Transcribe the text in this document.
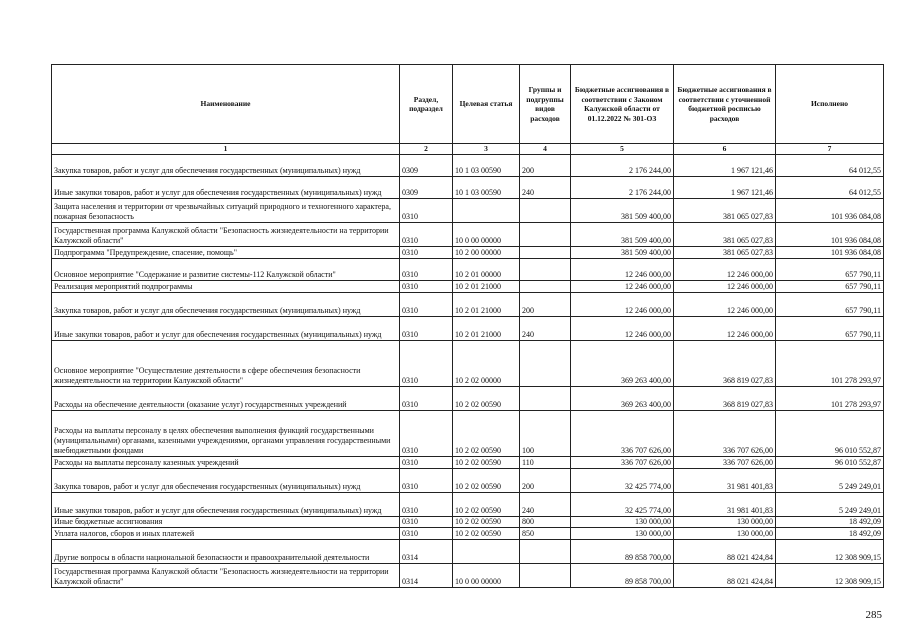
Наименование	Раздел, подраздел	Целевая статья	Группы и подгруппы видов расходов	Бюджетные ассигнования в соответствии с Законом Калужской области от 01.12.2022 № 301-ОЗ	Бюджетные ассигнования в соответствии с уточненной бюджетной росписью расходов	Исполнено
1	2	3	4	5	6	7
Закупка товаров, работ и услуг для обеспечения государственных (муниципальных) нужд	0309	10 1 03 00590	200	2 176 244,00	1 967 121,46	64 012,55
Иные закупки товаров, работ и услуг для обеспечения государственных (муниципальных) нужд	0309	10 1 03 00590	240	2 176 244,00	1 967 121,46	64 012,55
Защита населения и территории от чрезвычайных ситуаций природного и техногенного характера, пожарная безопасность	0310			381 509 400,00	381 065 027,83	101 936 084,08
Государственная программа Калужской области "Безопасность жизнедеятельности на территории Калужской области"	0310	10 0 00 00000		381 509 400,00	381 065 027,83	101 936 084,08
Подпрограмма "Предупреждение, спасение, помощь"	0310	10 2 00 00000		381 509 400,00	381 065 027,83	101 936 084,08
Основное мероприятие "Содержание и развитие системы-112 Калужской области"	0310	10 2 01 00000		12 246 000,00	12 246 000,00	657 790,11
Реализация мероприятий подпрограммы	0310	10 2 01 21000		12 246 000,00	12 246 000,00	657 790,11
Закупка товаров, работ и услуг для обеспечения государственных (муниципальных) нужд	0310	10 2 01 21000	200	12 246 000,00	12 246 000,00	657 790,11
Иные закупки товаров, работ и услуг для обеспечения государственных (муниципальных) нужд	0310	10 2 01 21000	240	12 246 000,00	12 246 000,00	657 790,11
Основное мероприятие "Осуществление деятельности в сфере обеспечения безопасности жизнедеятельности на территории Калужской области"	0310	10 2 02 00000		369 263 400,00	368 819 027,83	101 278 293,97
Расходы на обеспечение деятельности (оказание услуг) государственных учреждений	0310	10 2 02 00590		369 263 400,00	368 819 027,83	101 278 293,97
Расходы на выплаты персоналу в целях обеспечения выполнения функций государственными (муниципальными) органами, казенными учреждениями, органами управления государственными внебюджетными фондами	0310	10 2 02 00590	100	336 707 626,00	336 707 626,00	96 010 552,87
Расходы на выплаты персоналу казенных учреждений	0310	10 2 02 00590	110	336 707 626,00	336 707 626,00	96 010 552,87
Закупка товаров, работ и услуг для обеспечения государственных (муниципальных) нужд	0310	10 2 02 00590	200	32 425 774,00	31 981 401,83	5 249 249,01
Иные закупки товаров, работ и услуг для обеспечения государственных (муниципальных) нужд	0310	10 2 02 00590	240	32 425 774,00	31 981 401,83	5 249 249,01
Иные бюджетные ассигнования	0310	10 2 02 00590	800	130 000,00	130 000,00	18 492,09
Уплата налогов, сборов и иных платежей	0310	10 2 02 00590	850	130 000,00	130 000,00	18 492,09
Другие вопросы в области национальной безопасности и правоохранительной деятельности	0314			89 858 700,00	88 021 424,84	12 308 909,15
Государственная программа Калужской области "Безопасность жизнедеятельности на территории Калужской области"	0314	10 0 00 00000		89 858 700,00	88 021 424,84	12 308 909,15
285
